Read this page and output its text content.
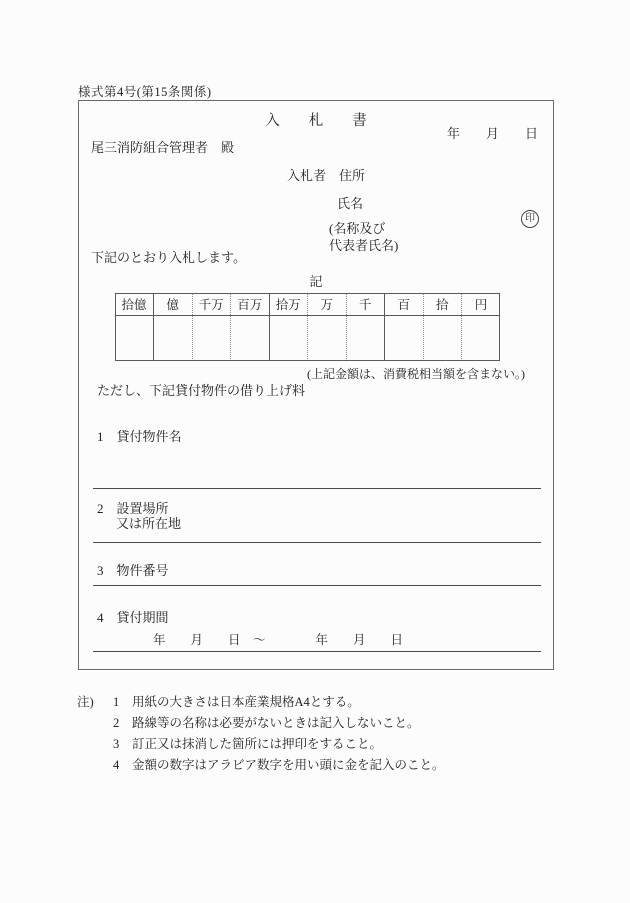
様式第4号(第15条関係)
入　　札　　書
年　　月　　日
尾三消防組合管理者　殿
入札者　住所
氏名
(名称及び
代表者氏名)
印
下記のとおり入札します。
記
拾億	億	千万	百万	拾万	万	千	百	拾	円

(上記金額は、消費税相当額を含まない。)
ただし、下記貸付物件の借り上げ料
1　貸付物件名
2　設置場所
又は所在地
3　物件番号
4　貸付期間
年　　月　　日　～　　　　年　　月　　日
注)	1	用紙の大きさは日本産業規格A4とする。
2	路線等の名称は必要がないときは記入しないこと。
3	訂正又は抹消した箇所には押印をすること。
4	金額の数字はアラビア数字を用い頭に金を記入のこと。
